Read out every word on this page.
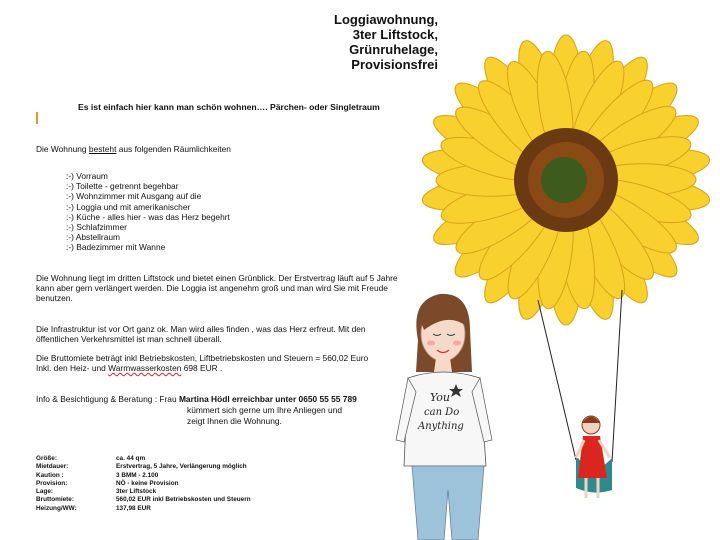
You
can Do
Anything
Loggiawohnung,
3ter Liftstock,
Grünruhelage,
Provisionsfrei
Es ist einfach hier kann man schön wohnen…. Pärchen- oder Singletraum
Die Wohnung besteht aus folgenden Räumlichkeiten
:-) Vorraum
:-) Toilette - getrennt begehbar
:-) Wohnzimmer mit Ausgang auf die
:-) Loggia und mit amerikanischer
:-) Küche - alles hier - was das Herz begehrt
:-) Schlafzimmer
:-) Abstellraum
:-) Badezimmer mit Wanne
Die Wohnung liegt im dritten Liftstock und bietet einen Grünblick. Der Erstvertrag läuft auf 5 Jahre
kann aber gern verlängert werden. Die Loggia ist angenehm groß und man wird Sie mit Freude
benutzen.
Die Infrastruktur ist vor Ort ganz ok. Man wird alles finden , was das Herz erfreut. Mit den
öffentlichen Verkehrsmittel ist man schnell überall.
Die Bruttomiete beträgt inkl Betriebskosten, Liftbetriebskosten und Steuern = 560,02 Euro
Inkl. den Heiz- und Warmwasserkosten 698 EUR .
Info & Besichtigung & Beratung : Frau Martina Hödl erreichbar unter 0650 55 55 789
kümmert sich gerne um Ihre Anliegen und
zeigt Ihnen die Wohnung.
Größe:	ca. 44 qm
Mietdauer:	Erstvertrag, 5 Jahre, Verlängerung möglich
Kaution :	3 BMM - 2.100
Provision:	NÖ - keine Provision
Lage:	3ter Liftstock
Bruttomiete:	560,02 EUR inkl Betriebskosten und Steuern
Heizung/WW:	137,98 EUR
